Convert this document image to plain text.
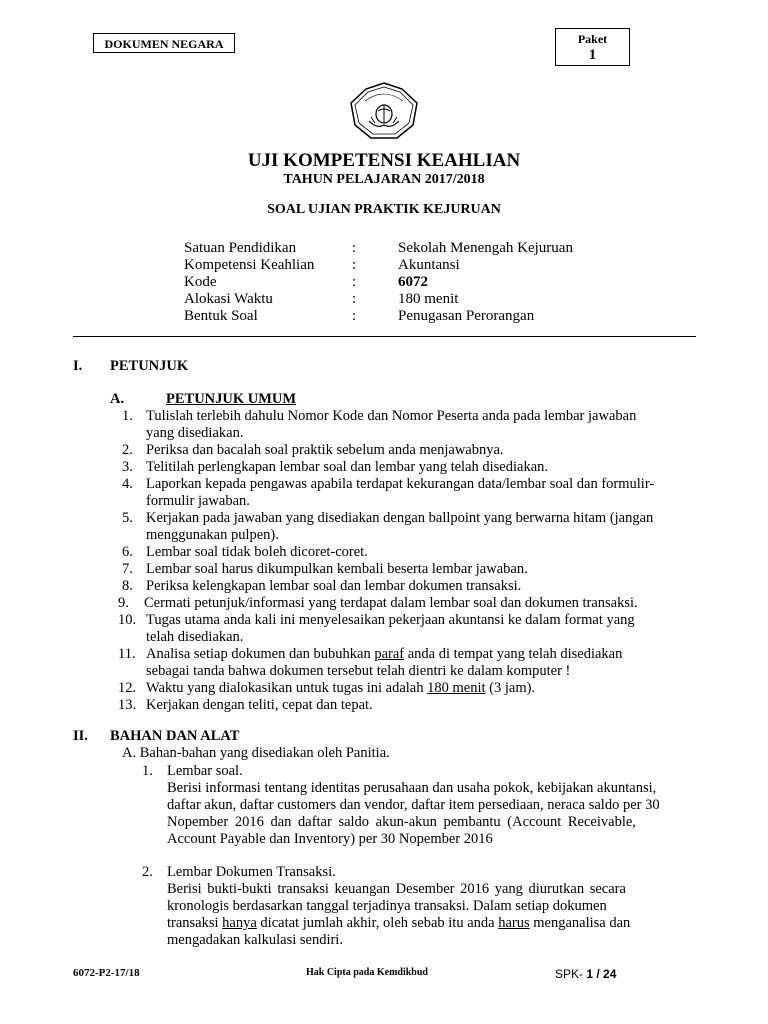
DOKUMEN NEGARA	Paket
1
UJI KOMPETENSI KEAHLIAN
TAHUN PELAJARAN 2017/2018
SOAL UJIAN PRAKTIK KEJURUAN
Satuan Pendidikan	:	Sekolah Menengah Kejuruan
Kompetensi Keahlian	:	Akuntansi
Kode	:	6072
Alokasi Waktu	:	180 menit
Bentuk Soal	:	Penugasan Perorangan
I. PETUNJUK
A.	PETUNJUK UMUM
1. Tulislah terlebih dahulu Nomor Kode dan Nomor Peserta anda pada lembar jawaban
yang disediakan.
2. Periksa dan bacalah soal praktik sebelum anda menjawabnya.
3. Telitilah perlengkapan lembar soal dan lembar yang telah disediakan.
4. Laporkan kepada pengawas apabila terdapat kekurangan data/lembar soal dan formulir-
formulir jawaban.
5. Kerjakan pada jawaban yang disediakan dengan ballpoint yang berwarna hitam (jangan
menggunakan pulpen).
6. Lembar soal tidak boleh dicoret-coret.
7. Lembar soal harus dikumpulkan kembali beserta lembar jawaban.
8. Periksa kelengkapan lembar soal dan lembar dokumen transaksi.
9. Cermati petunjuk/informasi yang terdapat dalam lembar soal dan dokumen transaksi.
10. Tugas utama anda kali ini menyelesaikan pekerjaan akuntansi ke dalam format yang
telah disediakan.
11. Analisa setiap dokumen dan bubuhkan paraf anda di tempat yang telah disediakan
sebagai tanda bahwa dokumen tersebut telah dientri ke dalam komputer !
12. Waktu yang dialokasikan untuk tugas ini adalah 180 menit (3 jam).
13. Kerjakan dengan teliti, cepat dan tepat.
II. BAHAN DAN ALAT
A. Bahan-bahan yang disediakan oleh Panitia.
1. Lembar soal.
Berisi informasi tentang identitas perusahaan dan usaha pokok, kebijakan akuntansi,
daftar akun, daftar customers dan vendor, daftar item persediaan, neraca saldo per 30
Nopember 2016 dan daftar saldo akun-akun pembantu (Account Receivable,
Account Payable dan Inventory) per 30 Nopember 2016
2. Lembar Dokumen Transaksi.
Berisi bukti-bukti transaksi keuangan Desember 2016 yang diurutkan secara
kronologis berdasarkan tanggal terjadinya transaksi. Dalam setiap dokumen
transaksi hanya dicatat jumlah akhir, oleh sebab itu anda harus menganalisa dan
mengadakan kalkulasi sendiri.
6072-P2-17/18	Hak Cipta pada Kemdikbud	SPK- 1 / 24
